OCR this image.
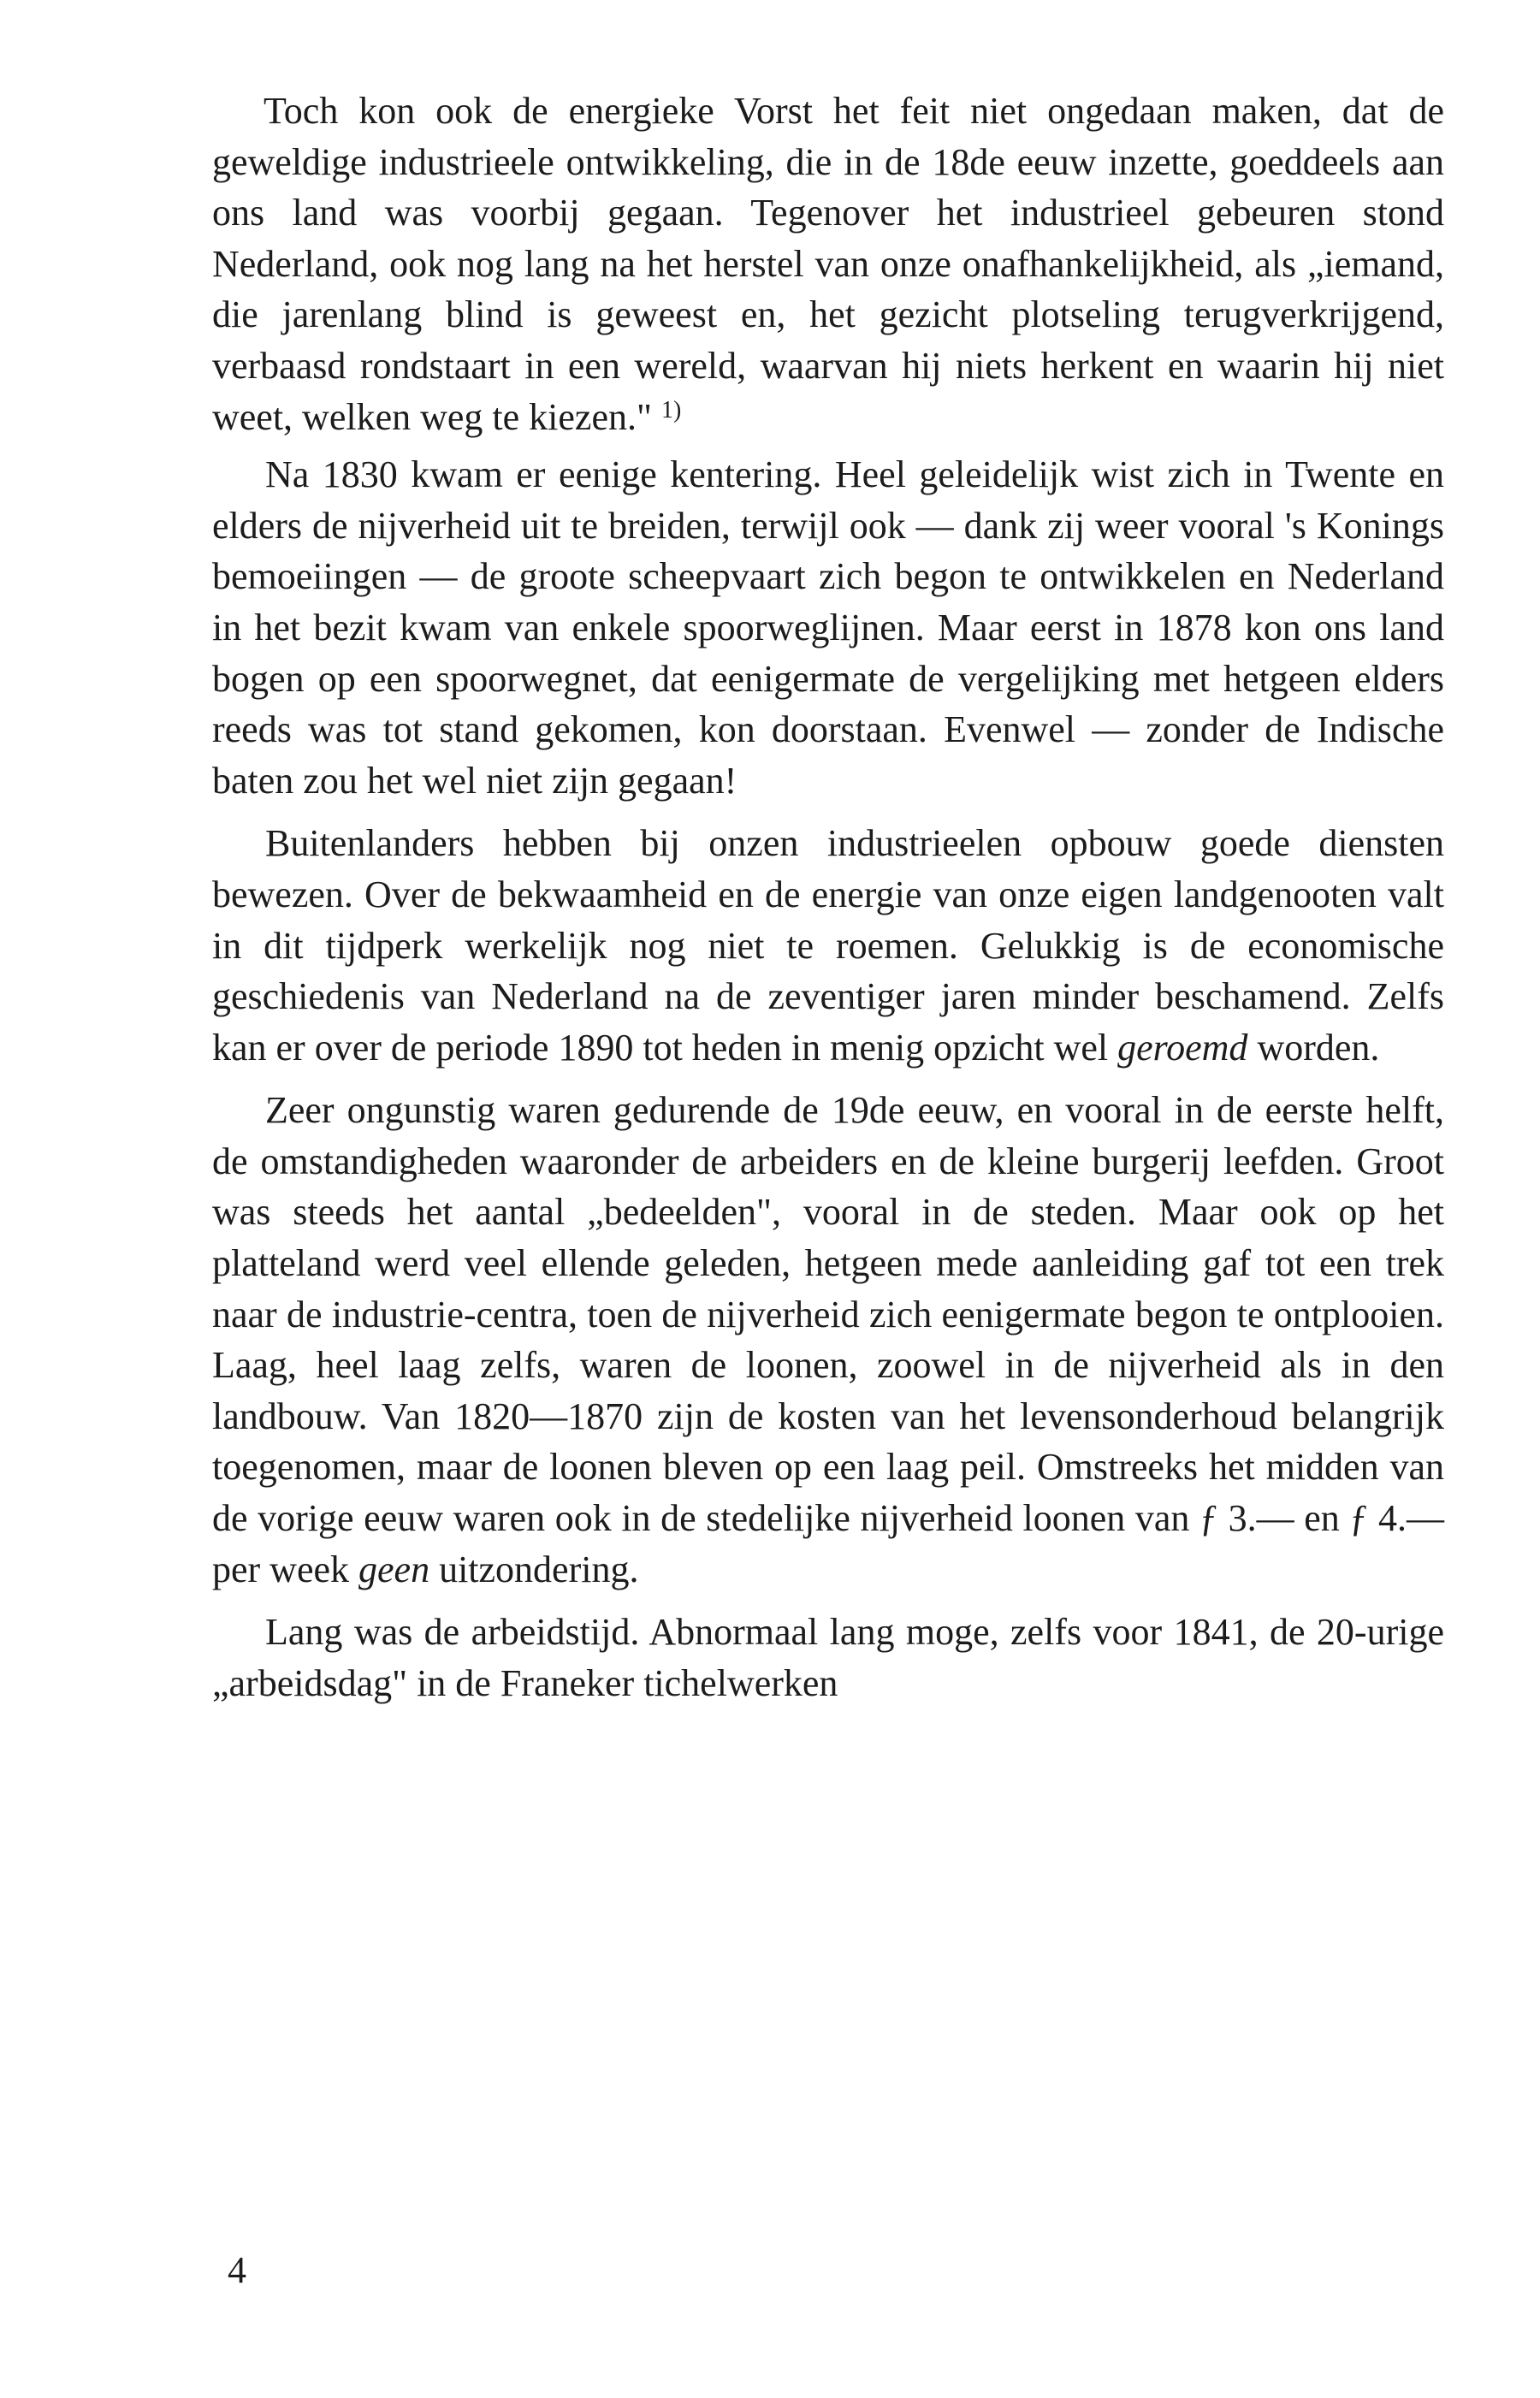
Toch kon ook de energieke Vorst het feit niet ongedaan maken, dat de geweldige industrieele ontwikkeling, die in de 18de eeuw inzette, goeddeels aan ons land was voorbij gegaan. Tegenover het industrieel gebeuren stond Nederland, ook nog lang na het herstel van onze onafhankelijkheid, als „iemand, die jarenlang blind is geweest en, het gezicht plotseling terugverkrijgend, verbaasd rondstaart in een wereld, waarvan hij niets herkent en waarin hij niet weet, welken weg te kiezen." $^{1)}$

Na 1830 kwam er eenige kentering. Heel geleidelijk wist zich in Twente en elders de nijverheid uit te breiden, terwijl ook — dank zij weer vooral 's Konings bemoeiingen — de groote scheepvaart zich begon te ontwikkelen en Nederland in het bezit kwam van enkele spoorweglijnen. Maar eerst in 1878 kon ons land bogen op een spoorwegnet, dat eenigermate de vergelijking met hetgeen elders reeds was tot stand gekomen, kon doorstaan. Evenwel — zonder de Indische baten zou het wel niet zijn gegaan!

Buitenlanders hebben bij onzen industrieelen opbouw goede diensten bewezen. Over de bekwaamheid en de energie van onze eigen landgenooten valt in dit tijdperk werkelijk nog niet te roemen. Gelukkig is de economische geschiedenis van Nederland na de zeventiger jaren minder beschamend. Zelfs kan er over de periode 1890 tot heden in menig opzicht wel geroemd worden.

Zeer ongunstig waren gedurende de 19de eeuw, en vooral in de eerste helft, de omstandigheden waaronder de arbeiders en de kleine burgerij leefden. Groot was steeds het aantal „bedeelden", vooral in de steden. Maar ook op het platteland werd veel ellende geleden, hetgeen mede aanleiding gaf tot een trek naar de industrie-centra, toen de nijverheid zich eenigermate begon te ontplooien. Laag, heel laag zelfs, waren de loonen, zoowel in de nijverheid als in den landbouw. Van 1820—1870 zijn de kosten van het levensonderhoud belangrijk toegenomen, maar de loonen bleven op een laag peil. Omstreeks het midden van de vorige eeuw waren ook in de stedelijke nijverheid loonen van ƒ 3.— en ƒ 4.— per week geen uitzondering.

Lang was de arbeidstijd. Abnormaal lang moge, zelfs voor 1841, de 20-urige „arbeidsdag" in de Franeker tichelwerken

4
